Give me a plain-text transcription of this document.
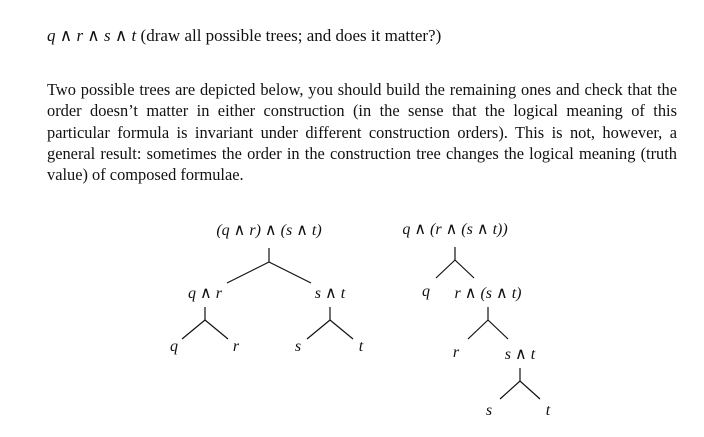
q ∧ r ∧ s ∧ t (draw all possible trees; and does it matter?)
Two possible trees are depicted below, you should build the remaining ones and check that the order doesn’t matter in either construction (in the sense that the logical meaning of this particular formula is invariant under different construction orders). This is not, however, a general result: sometimes the order in the construction tree changes the logical meaning (truth value) of composed formulae.
(q ∧ r) ∧ (s ∧ t)
q ∧ r	s ∧ t
q	r	s	t
q ∧ (r ∧ (s ∧ t))
q r ∧ (s ∧ t)
r	s ∧ t
s	t
